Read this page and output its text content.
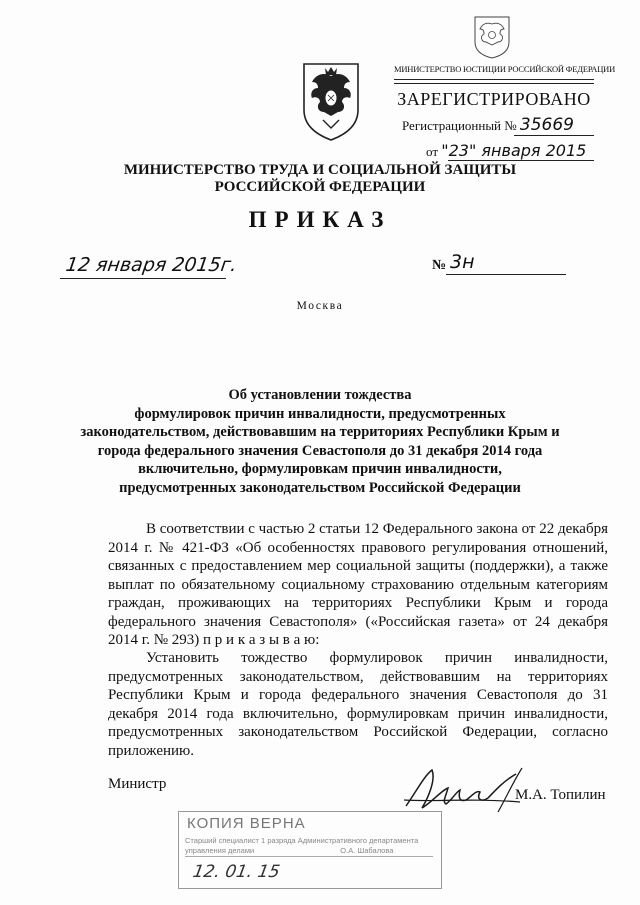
МИНИСТЕРСТВО ЮСТИЦИИ РОССИЙСКОЙ ФЕДЕРАЦИИ
ЗАРЕГИСТРИРОВАНО
Регистрационный № 35669
от "23" января 2015
МИНИСТЕРСТВО ТРУДА И СОЦИАЛЬНОЙ ЗАЩИТЫ
РОССИЙСКОЙ ФЕДЕРАЦИИ
ПРИКАЗ
12 января 2015г.	№ 3н
Москва
Об установлении тождества
формулировок причин инвалидности, предусмотренных
законодательством, действовавшим на территориях Республики Крым и
города федерального значения Севастополя до 31 декабря 2014 года
включительно, формулировкам причин инвалидности,
предусмотренных законодательством Российской Федерации

В соответствии с частью 2 статьи 12 Федерального закона от 22 декабря 2014 г. № 421-ФЗ «Об особенностях правового регулирования отношений, связанных с предоставлением мер социальной защиты (поддержки), а также выплат по обязательному социальному страхованию отдельным категориям граждан, проживающих на территориях Республики Крым и города федерального значения Севастополя» («Российская газета» от 24 декабря 2014 г. № 293) п р и к а з ы в а ю:

Установить тождество формулировок причин инвалидности, предусмотренных законодательством, действовавшим на территориях Республики Крым и города федерального значения Севастополя до 31 декабря 2014 года включительно, формулировкам причин инвалидности, предусмотренных законодательством Российской Федерации, согласно приложению.

Министр
М.А. Топилин
КОПИЯ ВЕРНА
Старший специалист 1 разряда Административного департамента
управления делами	О.А. Шабалова
12. 01. 15
